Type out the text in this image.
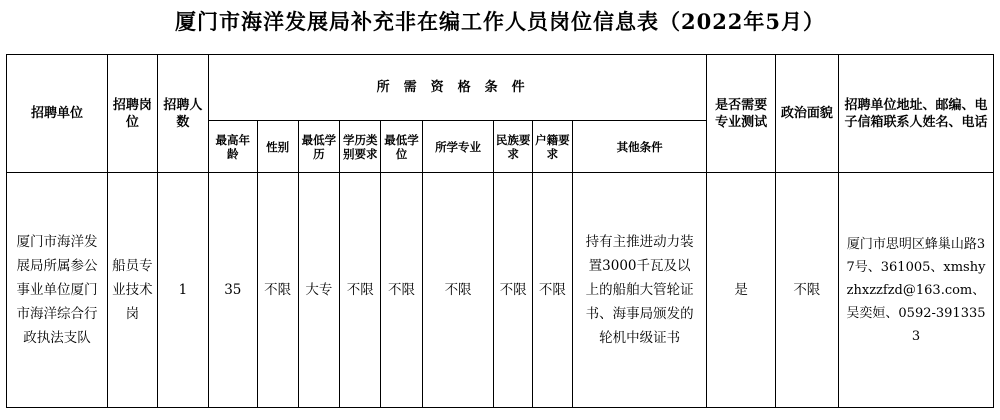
厦门市海洋发展局补充非在编工作人员岗位信息表（2022年5月）
招聘单位	招聘岗位	招聘人数	所需资格条件									是否需要专业测试	政治面貌	招聘单位地址、邮编、电子信箱联系人姓名、电话
			最高年龄	性别	最低学历	学历类别要求	最低学位	所学专业	民族要求	户籍要求	其他条件			
厦门市海洋发展局所属参公事业单位厦门市海洋综合行政执法支队	船员专业技术岗	1	35	不限	大专	不限	不限	不限	不限	不限	持有主推进动力装置3000千瓦及以上的船舶大管轮证书、海事局颁发的轮机中级证书	是	不限	厦门市思明区蜂巢山路37号、361005、xmshyzhxzzfzd@163.com、吴奕姮、0592-3913353
